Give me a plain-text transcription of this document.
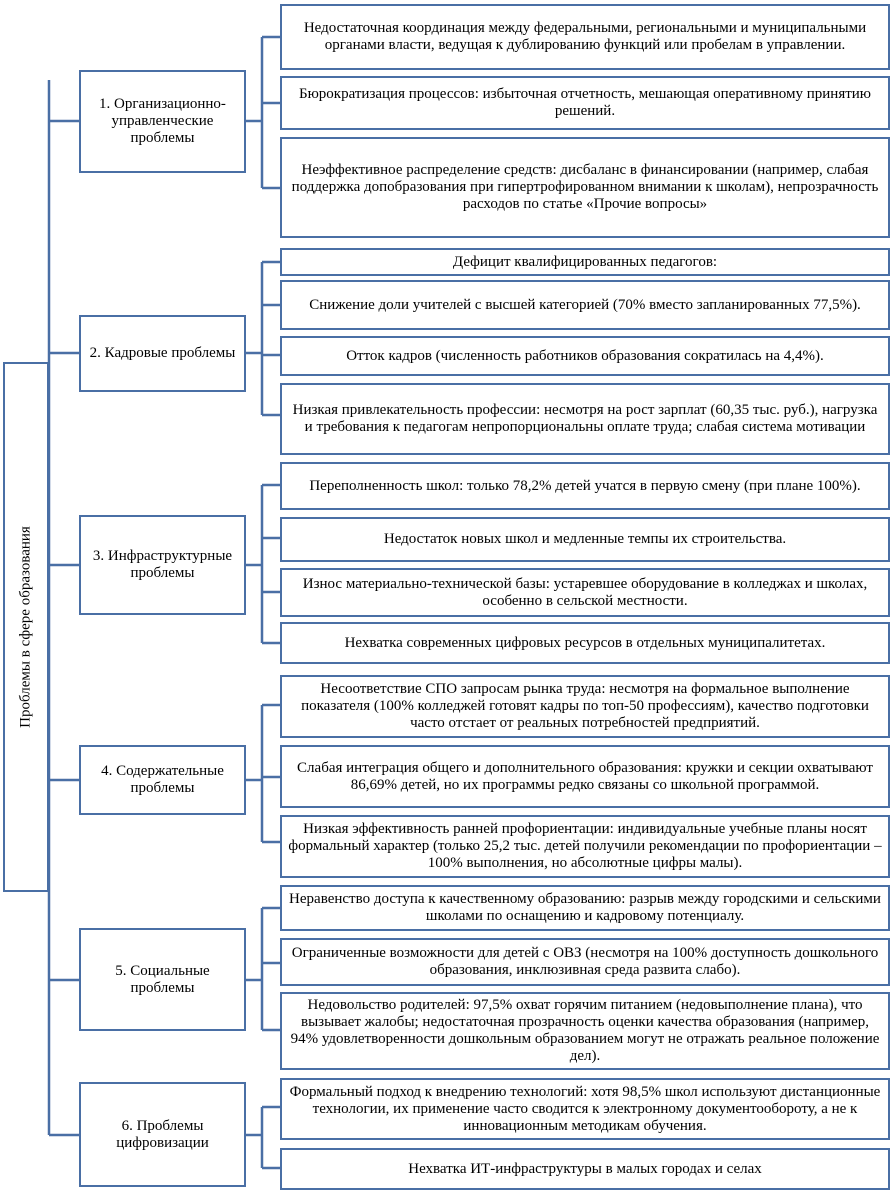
Проблемы в сфере образования
1. Организационно-управленческие проблемы
Недостаточная координация между федеральными, региональными и муниципальными органами власти, ведущая к дублированию функций или пробелам в управлении.
Бюрократизация процессов: избыточная отчетность, мешающая оперативному принятию решений.
Неэффективное распределение средств: дисбаланс в финансировании (например, слабая поддержка допобразования при гипертрофированном внимании к школам), непрозрачность расходов по статье «Прочие вопросы»
2. Кадровые проблемы
Дефицит квалифицированных педагогов:
Снижение доли учителей с высшей категорией (70% вместо запланированных 77,5%).
Отток кадров (численность работников образования сократилась на 4,4%).
Низкая привлекательность профессии: несмотря на рост зарплат (60,35 тыс. руб.), нагрузка и требования к педагогам непропорциональны оплате труда; слабая система мотивации
3. Инфраструктурные проблемы
Переполненность школ: только 78,2% детей учатся в первую смену (при плане 100%).
Недостаток новых школ и медленные темпы их строительства.
Износ материально-технической базы: устаревшее оборудование в колледжах и школах, особенно в сельской местности.
Нехватка современных цифровых ресурсов в отдельных муниципалитетах.
4. Содержательные проблемы
Несоответствие СПО запросам рынка труда: несмотря на формальное выполнение показателя (100% колледжей готовят кадры по топ-50 профессиям), качество подготовки часто отстает от реальных потребностей предприятий.
Слабая интеграция общего и дополнительного образования: кружки и секции охватывают 86,69% детей, но их программы редко связаны со школьной программой.
Низкая эффективность ранней профориентации: индивидуальные учебные планы носят формальный характер (только 25,2 тыс. детей получили рекомендации по профориентации – 100% выполнения, но абсолютные цифры малы).
5. Социальные проблемы
Неравенство доступа к качественному образованию: разрыв между городскими и сельскими школами по оснащению и кадровому потенциалу.
Ограниченные возможности для детей с ОВЗ (несмотря на 100% доступность дошкольного образования, инклюзивная среда развита слабо).
Недовольство родителей: 97,5% охват горячим питанием (недовыполнение плана), что вызывает жалобы; недостаточная прозрачность оценки качества образования (например, 94% удовлетворенности дошкольным образованием могут не отражать реальное положение дел).
6. Проблемы цифровизации
Формальный подход к внедрению технологий: хотя 98,5% школ используют дистанционные технологии, их применение часто сводится к электронному документообороту, а не к инновационным методикам обучения.
Нехватка ИТ-инфраструктуры в малых городах и селах
